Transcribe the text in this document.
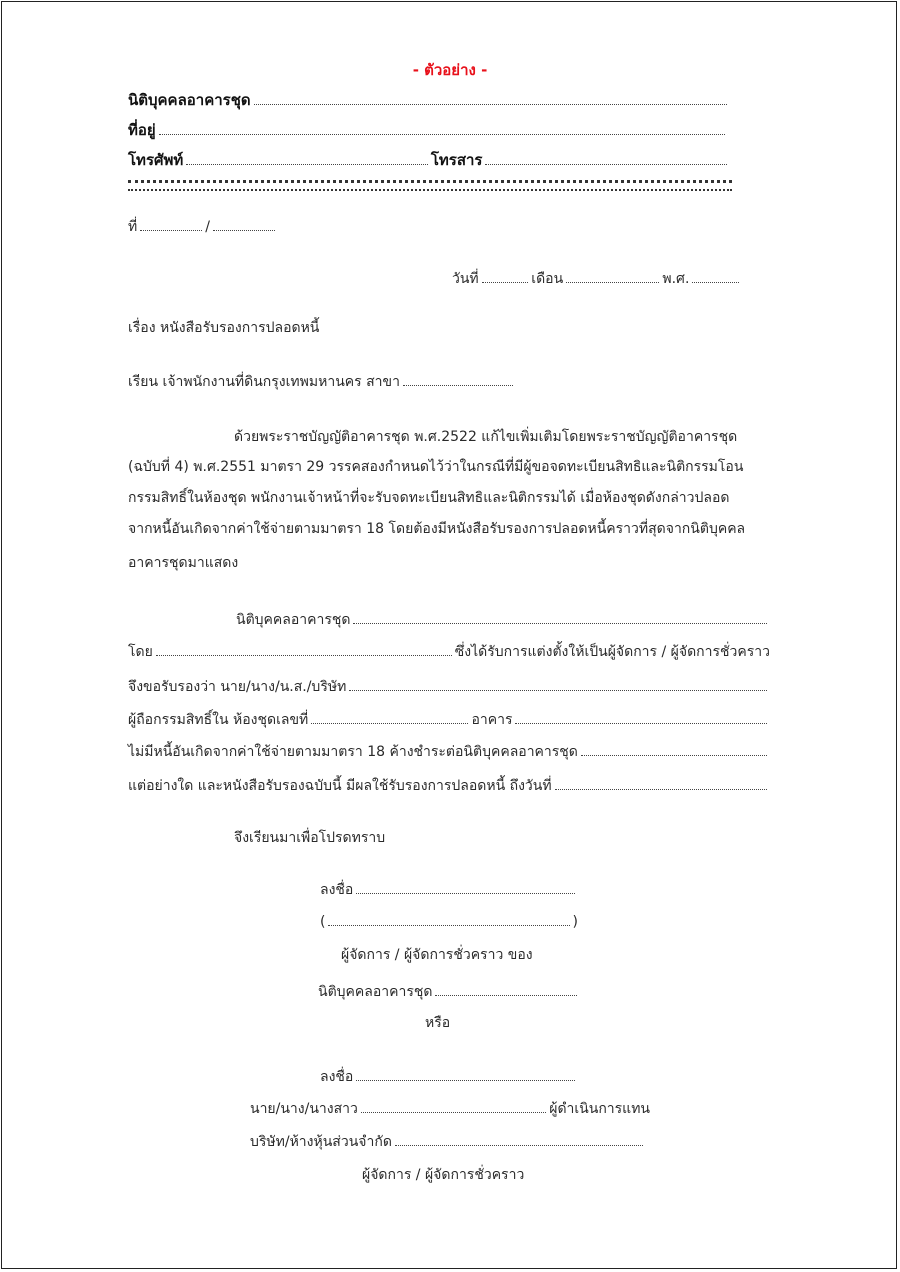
- ตัวอย่าง -
นิติบุคคลอาคารชุด
ที่อยู่
โทรศัพท์	โทรสาร
ที่	/
วันที่	เดือน	พ.ศ.
เรื่อง หนังสือรับรองการปลอดหนี้
เรียน เจ้าพนักงานที่ดินกรุงเทพมหานคร สาขา
ด้วยพระราชบัญญัติอาคารชุด พ.ศ.2522 แก้ไขเพิ่มเติมโดยพระราชบัญญัติอาคารชุด
(ฉบับที่ 4) พ.ศ.2551 มาตรา 29 วรรคสองกำหนดไว้ว่าในกรณีที่มีผู้ขอจดทะเบียนสิทธิและนิติกรรมโอน
กรรมสิทธิ์ในห้องชุด พนักงานเจ้าหน้าที่จะรับจดทะเบียนสิทธิและนิติกรรมได้ เมื่อห้องชุดดังกล่าวปลอด
จากหนี้อันเกิดจากค่าใช้จ่ายตามมาตรา 18 โดยต้องมีหนังสือรับรองการปลอดหนี้คราวที่สุดจากนิติบุคคล
อาคารชุดมาแสดง
นิติบุคคลอาคารชุด
โดย	ซึ่งได้รับการแต่งตั้งให้เป็นผู้จัดการ / ผู้จัดการชั่วคราว
จึงขอรับรองว่า นาย/นาง/น.ส./บริษัท
ผู้ถือกรรมสิทธิ์ใน ห้องชุดเลขที่	อาคาร
ไม่มีหนี้อันเกิดจากค่าใช้จ่ายตามมาตรา 18 ค้างชำระต่อนิติบุคคลอาคารชุด
แต่อย่างใด และหนังสือรับรองฉบับนี้ มีผลใช้รับรองการปลอดหนี้ ถึงวันที่
จึงเรียนมาเพื่อโปรดทราบ
ลงชื่อ
(	)
ผู้จัดการ / ผู้จัดการชั่วคราว ของ
นิติบุคคลอาคารชุด
หรือ
ลงชื่อ
นาย/นาง/นางสาว	ผู้ดำเนินการแทน
บริษัท/ห้างหุ้นส่วนจำกัด
ผู้จัดการ / ผู้จัดการชั่วคราว
